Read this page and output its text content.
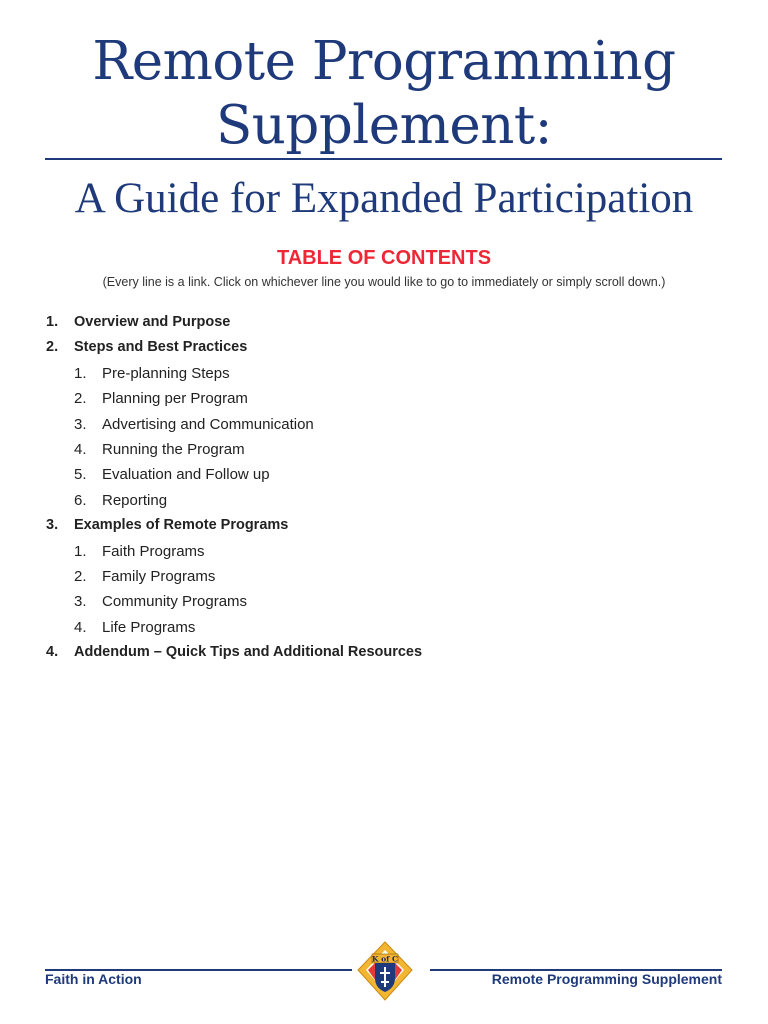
Remote Programming
Supplement:
A Guide for Expanded Participation
TABLE OF CONTENTS
(Every line is a link. Click on whichever line you would like to go to immediately or simply scroll down.)
1.	Overview and Purpose
2.	Steps and Best Practices
1.	Pre-planning Steps
2.	Planning per Program
3.	Advertising and Communication
4.	Running the Program
5.	Evaluation and Follow up
6.	Reporting
3.	Examples of Remote Programs
1.	Faith Programs
2.	Family Programs
3.	Community Programs
4.	Life Programs
4.	Addendum – Quick Tips and Additional Resources
Faith in Action	Remote Programming Supplement
K of C
